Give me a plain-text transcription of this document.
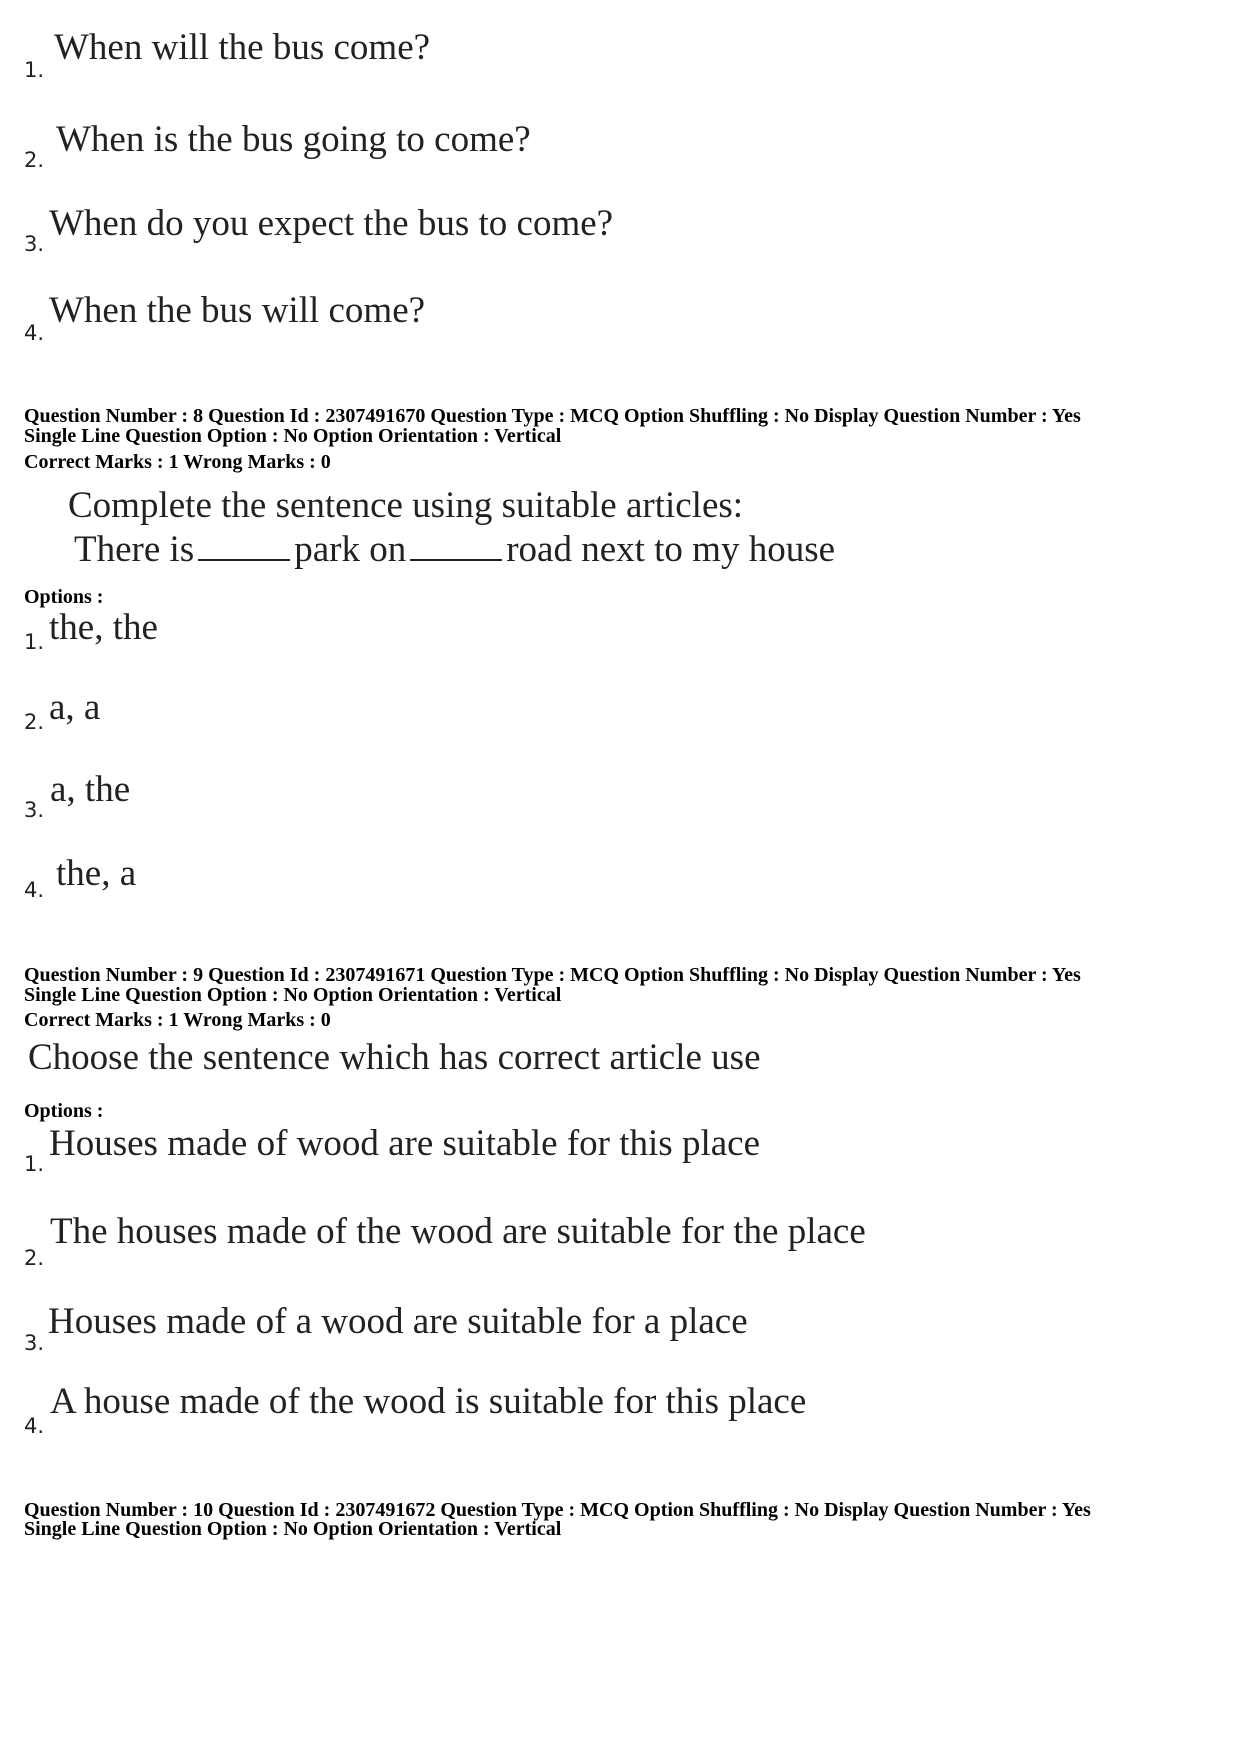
1.
When will the bus come?
2. When is the bus going to come?
3. When do you expect the bus to come?
4.
When the bus will come?
Question Number : 8 Question Id : 2307491670 Question Type : MCQ Option Shuffling : No Display Question Number : Yes
Single Line Question Option : No Option Orientation : Vertical
Correct Marks : 1 Wrong Marks : 0
Complete the sentence using suitable articles:
There is	park on	road next to my house
Options :
1. the, the
2. a, a
3. a, the
4. the, a
Question Number : 9 Question Id : 2307491671 Question Type : MCQ Option Shuffling : No Display Question Number : Yes
Single Line Question Option : No Option Orientation : Vertical
Correct Marks : 1 Wrong Marks : 0
Choose the sentence which has correct article use
Options :
1. Houses made of wood are suitable for this place
2.
The houses made of the wood are suitable for the place
3.
Houses made of a wood are suitable for a place
4.
A house made of the wood is suitable for this place
Question Number : 10 Question Id : 2307491672 Question Type : MCQ Option Shuffling : No Display Question Number : Yes
Single Line Question Option : No Option Orientation : Vertical
